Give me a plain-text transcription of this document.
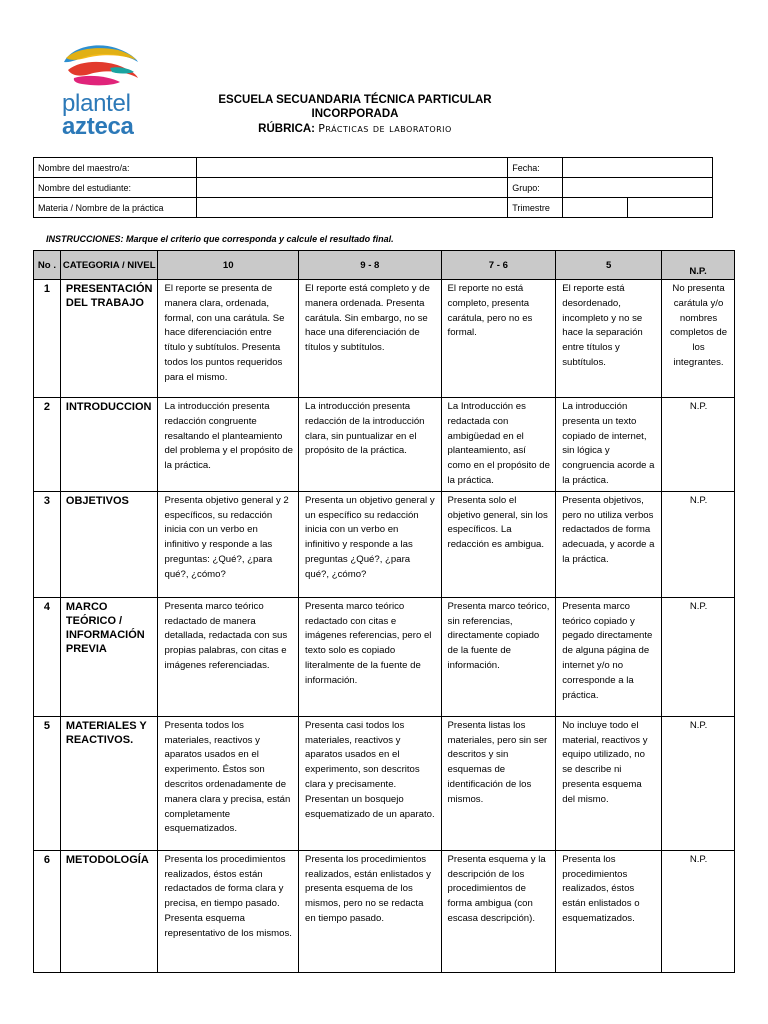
plantel
azteca
ESCUELA SECUANDARIA TÉCNICA PARTICULAR
INCORPORADA
RÚBRICA: Prácticas de laboratorio
Nombre del maestro/a:		Fecha:		
Nombre del estudiante:		Grupo:		
Materia / Nombre de la práctica		Trimestre		
INSTRUCCIONES: Marque el criterio que corresponda y calcule el resultado final.
No .	CATEGORIA / NIVEL	10	9 - 8	7 - 6	5	N.P.
1	PRESENTACIÓN DEL TRABAJO	El reporte se presenta de manera clara, ordenada, formal, con una carátula. Se hace diferenciación entre título y subtítulos. Presenta todos los puntos requeridos para el mismo.	El reporte está completo y de manera ordenada. Presenta carátula. Sin embargo, no se hace una diferenciación de títulos y subtítulos.	El reporte no está completo, presenta carátula, pero no es formal.	El reporte está desordenado, incompleto y no se hace la separación entre títulos y subtítulos.	No presenta carátula y/o nombres completos de los integrantes.
2	INTRODUCCION	La introducción presenta redacción congruente resaltando el planteamiento del problema y el propósito de la práctica.	La introducción presenta redacción de la introducción clara, sin puntualizar en el propósito de la práctica.	La Introducción es redactada con ambigüedad en el planteamiento, así como en el propósito de la práctica.	La introducción presenta un texto copiado de internet, sin lógica y congruencia acorde a la práctica.	N.P.
3	OBJETIVOS	Presenta objetivo general y 2 específicos, su redacción inicia con un verbo en infinitivo y responde a las preguntas: ¿Qué?, ¿para qué?, ¿cómo?	Presenta un objetivo general y un específico su redacción inicia con un verbo en infinitivo y responde a las preguntas ¿Qué?, ¿para qué?, ¿cómo?	Presenta solo el objetivo general, sin los específicos. La redacción es ambigua.	Presenta objetivos, pero no utiliza verbos redactados de forma adecuada, y acorde a la práctica.	N.P.
4	MARCO TEÓRICO / INFORMACIÓN PREVIA	Presenta marco teórico redactado de manera detallada, redactada con sus propias palabras, con citas e imágenes referenciadas.	Presenta marco teórico redactado con citas e imágenes referencias, pero el texto solo es copiado literalmente de la fuente de información.	Presenta marco teórico, sin referencias, directamente copiado de la fuente de información.	Presenta marco teórico copiado y pegado directamente de alguna página de internet y/o no corresponde a la práctica.	N.P.
5	MATERIALES Y REACTIVOS.	Presenta todos los materiales, reactivos y aparatos usados en el experimento. Éstos son descritos ordenadamente de manera clara y precisa, están completamente esquematizados.	Presenta casi todos los materiales, reactivos y aparatos usados en el experimento, son descritos clara y precisamente. Presentan un bosquejo esquematizado de un aparato.	Presenta listas los materiales, pero sin ser descritos y sin esquemas de identificación de los mismos.	No incluye todo el material, reactivos y equipo utilizado, no se describe ni presenta esquema del mismo.	N.P.
6	METODOLOGÍA	Presenta los procedimientos realizados, éstos están redactados de forma clara y precisa, en tiempo pasado. Presenta esquema representativo de los mismos.	Presenta los procedimientos realizados, están enlistados y presenta esquema de los mismos, pero no se redacta en tiempo pasado.	Presenta esquema y la descripción de los procedimientos de forma ambigua (con escasa descripción).	Presenta los procedimientos realizados, éstos están enlistados o esquematizados.	N.P.
